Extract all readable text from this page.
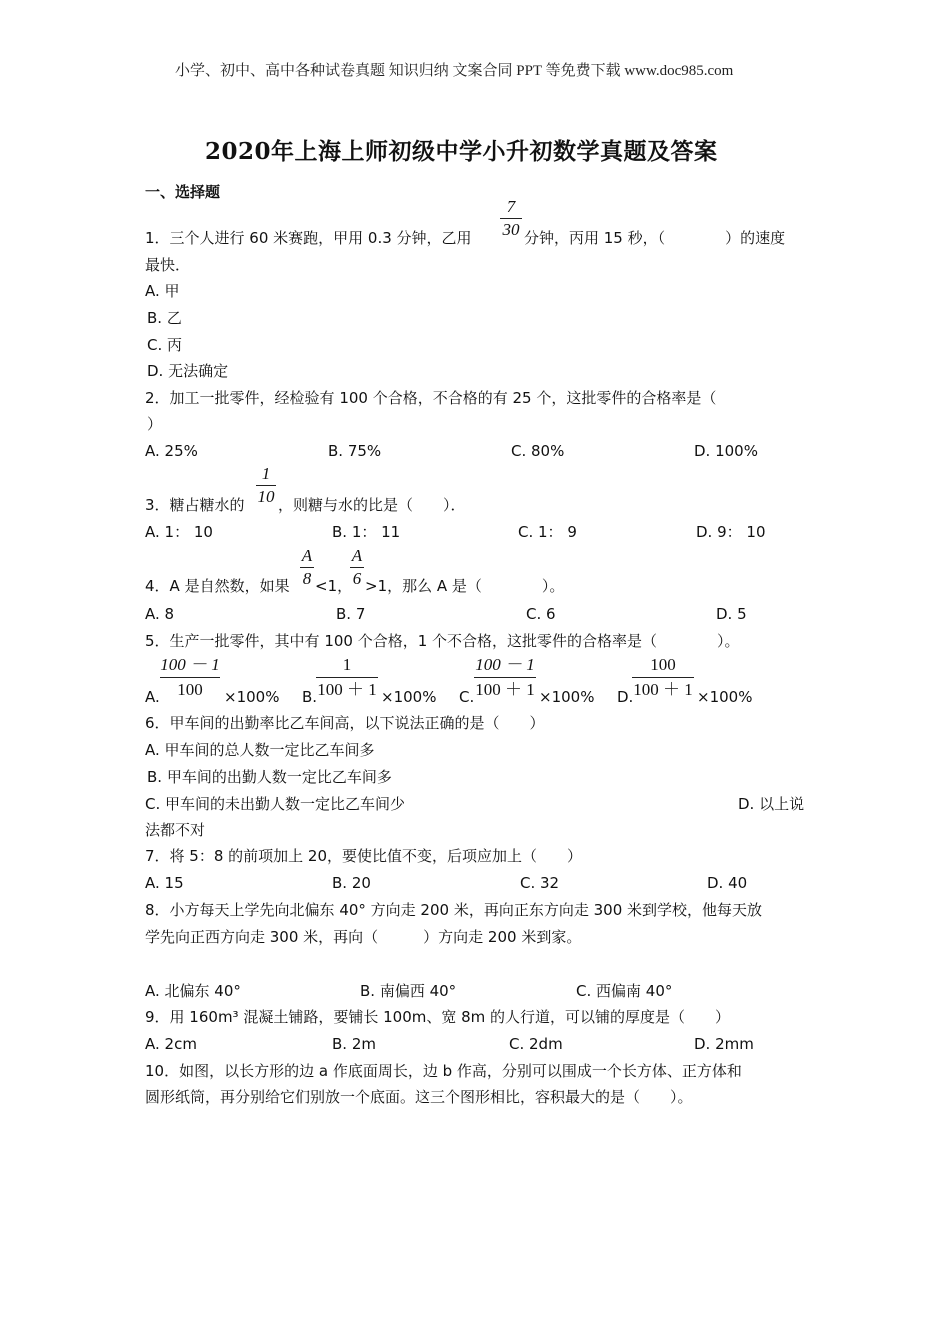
小学、初中、高中各种试卷真题 知识归纳 文案合同 PPT 等免费下载 www.doc985.com
2020年上海上师初级中学小升初数学真题及答案
一、选择题
1．三个人进行 60 米赛跑，甲用 0.3 分钟，乙用
7
30 分钟，丙用 15 秒，（　　　　）的速度
最快．
A. 甲
B. 乙
C. 丙
D. 无法确定
2．加工一批零件，经检验有 100 个合格，不合格的有 25 个，这批零件的合格率是（
）
A. 25%	B. 75%	C. 80%	D. 100%
3．糖占糖水的
1
10 ，则糖与水的比是（　　）．
A. 1： 10	B. 1： 11	C. 1： 9	D. 9： 10
4．A 是自然数，如果
A
8 <1，
A
6 >1，那么 A 是（　　　　）。
A. 8	B. 7	C. 6	D. 5
5．生产一批零件，其中有 100 个合格，1 个不合格，这批零件的合格率是（　　　　）。
A.
100 － 1
100	×100% B.
1
100 ＋ 1 ×100% C.
100 － 1
100 ＋ 1 ×100% D.
100
100 ＋ 1 ×100%
6．甲车间的出勤率比乙车间高，以下说法正确的是（　　）
A. 甲车间的总人数一定比乙车间多
B. 甲车间的出勤人数一定比乙车间多
C. 甲车间的未出勤人数一定比乙车间少	D. 以上说
法都不对
7．将 5：8 的前项加上 20，要使比值不变，后项应加上（　　）
A. 15	B. 20	C. 32	D. 40
8．小方每天上学先向北偏东 40° 方向走 200 米，再向正东方向走 300 米到学校，他每天放
学先向正西方向走 300 米，再向（　　　）方向走 200 米到家。
A. 北偏东 40°	B. 南偏西 40°	C. 西偏南 40°
9．用 160m³ 混凝土铺路，要铺长 100m、宽 8m 的人行道，可以铺的厚度是（　　）
A. 2cm	B. 2m	C. 2dm	D. 2mm
10．如图，以长方形的边 a 作底面周长，边 b 作高，分别可以围成一个长方体、正方体和
圆形纸筒，再分别给它们别放一个底面。这三个图形相比，容积最大的是（　　）。
